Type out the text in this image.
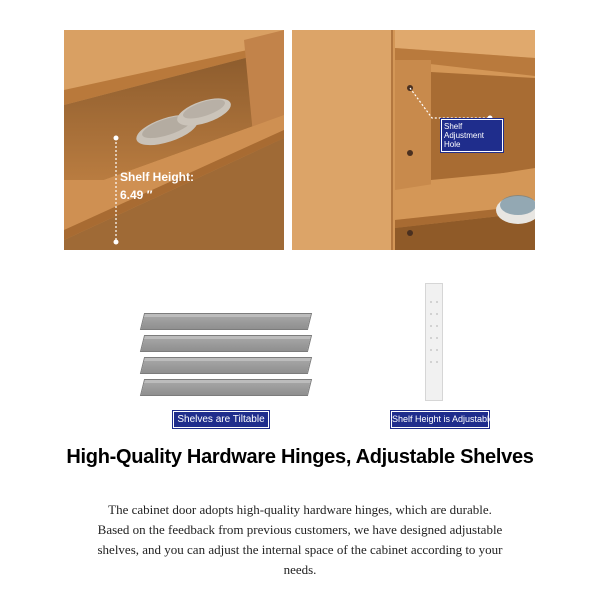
Shelf Height:
6.49 ″
Shelf Adjustment
Hole
Shelves are Tiltable	Shelf Height is Adjustable
High-Quality Hardware Hinges, Adjustable Shelves
The cabinet door adopts high-quality hardware hinges, which are durable. Based on the feedback from previous customers, we have designed adjustable shelves, and you can adjust the internal space of the cabinet according to your needs.
